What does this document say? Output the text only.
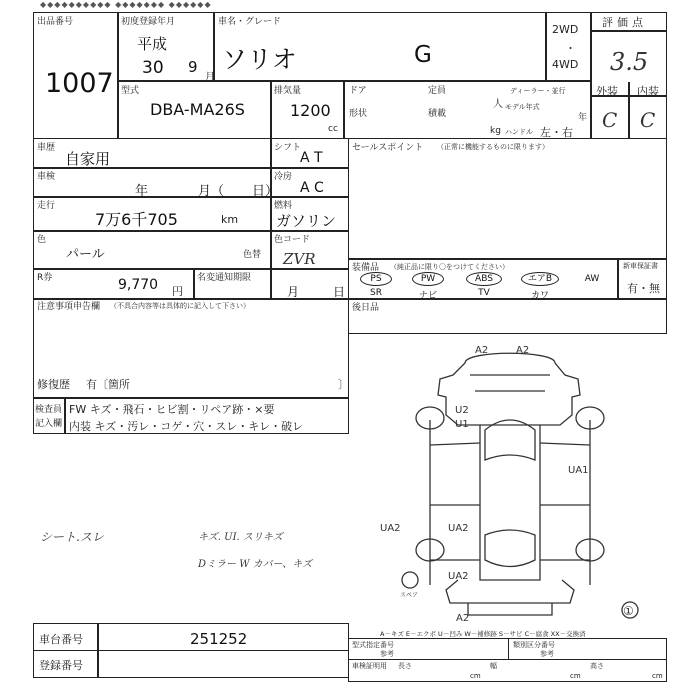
◆◆◆◆◆◆◆◆◆◆ ◆◆◆◆◆◆◆ ◆◆◆◆◆◆
出品番号
1007
初度登録年月
平成
30 9
月
車名・グレード
ソリオ	G
2WD
・
4WD
評価点
3.5
外装 内装
C C
型式
DBA-MA26S
排気量
1200
cc
ドア	定員
人
形状	積載
kg
ディーラー・並行
モデル年式
年
ハンドル 左・右
車歴
自家用
シフト
A T
車検
年	月（ 日）
冷房
A C
走行
7万6千705	km
燃料
ガソリン
色
パール	色替
色コード
ZVR
R券	9,770 円
名変通知期限
月	日
注意事項申告欄 （不具合内容等は具体的に記入して下さい）
修復歴 有〔箇所	〕
セールスポイント （正常に機能するものに限ります）
装備品 （純正品に限り〇をつけてください）	新車保証書
有・無
PS	PW	ABS	エアB	AW
SR	ナビ	TV	カワ
後日品
検査員
記入欄
FW キズ・飛石・ヒビ割・リペア跡・×要
内装 キズ・汚レ・コゲ・穴・スレ・キレ・破レ
シート.スレ	キズ. UI. スリキズ
Dミラー W カバー、キズ
A2	A2
U2
U1
UA1
UA2	UA2
UA2
A2
スペア
①
A－キズ E－エクボ U－凹み W－補修跡 S－サビ C－腐食 XX－交換済
車台番号	251252
登録番号
型式指定番号
参考
類別区分番号
参考
車検証明用 長さ	幅	高さ
cm	cm	cm
